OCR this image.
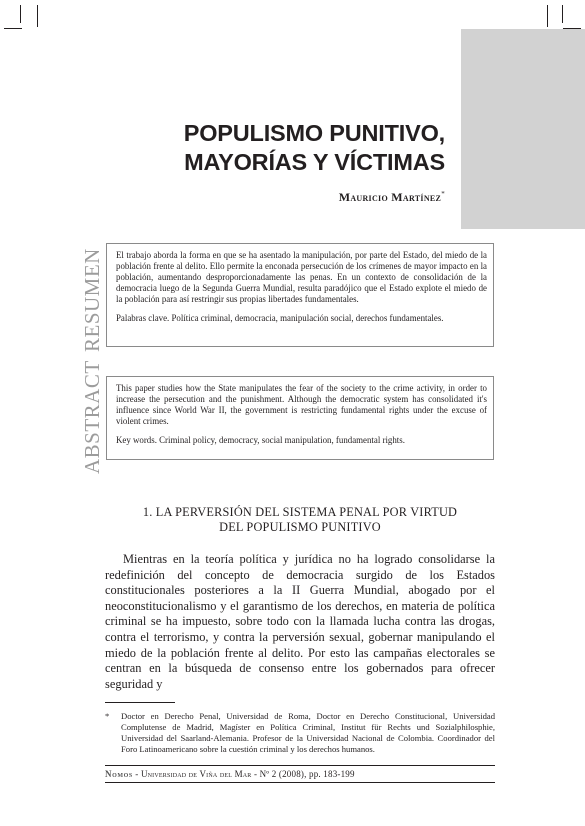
POPULISMO PUNITIVO,
MAYORÍAS Y VÍCTIMAS
Mauricio Martínez*
RESUMEN El trabajo aborda la forma en que se ha asentado la manipulación, por parte del Estado, del miedo de la población frente al delito. Ello permite la enconada persecución de los crímenes de mayor impacto en la población, aumentando desproporcionadamente las penas. En un contexto de consolidación de la democracia luego de la Segunda Guerra Mundial, resulta paradójico que el Estado explote el miedo de la población para así restringir sus propias libertades fundamentales.

Palabras clave. Política criminal, democracia, manipulación social, derechos fundamentales.

ABSTRACT This paper studies how the State manipulates the fear of the society to the crime activity, in order to increase the persecution and the punishment. Although the democratic system has consolidated it's influence since World War II, the government is restricting fundamental rights under the excuse of violent crimes.

Key words. Criminal policy, democracy, social manipulation, fundamental rights.

1. LA PERVERSIÓN DEL SISTEMA PENAL POR VIRTUD
DEL POPULISMO PUNITIVO

Mientras en la teoría política y jurídica no ha logrado consolidarse la redefinición del concepto de democracia surgido de los Estados constitucionales posteriores a la II Guerra Mundial, abogado por el neoconstitucionalismo y el garantismo de los derechos, en materia de política criminal se ha impuesto, sobre todo con la llamada lucha contra las drogas, contra el terrorismo, y contra la perversión sexual, gobernar manipulando el miedo de la población frente al delito. Por esto las campañas electorales se centran en la búsqueda de consenso entre los gobernados para ofrecer seguridad y

* Doctor en Derecho Penal, Universidad de Roma, Doctor en Derecho Constitucional, Universidad Complutense de Madrid, Magíster en Política Criminal, Institut für Rechts und Sozialphilosphie, Universidad del Saarland-Alemania. Profesor de la Universidad Nacional de Colombia. Coordinador del Foro Latinoamericano sobre la cuestión criminal y los derechos humanos.
Nomos - Universidad de Viña del Mar - Nº 2 (2008), pp. 183-199
